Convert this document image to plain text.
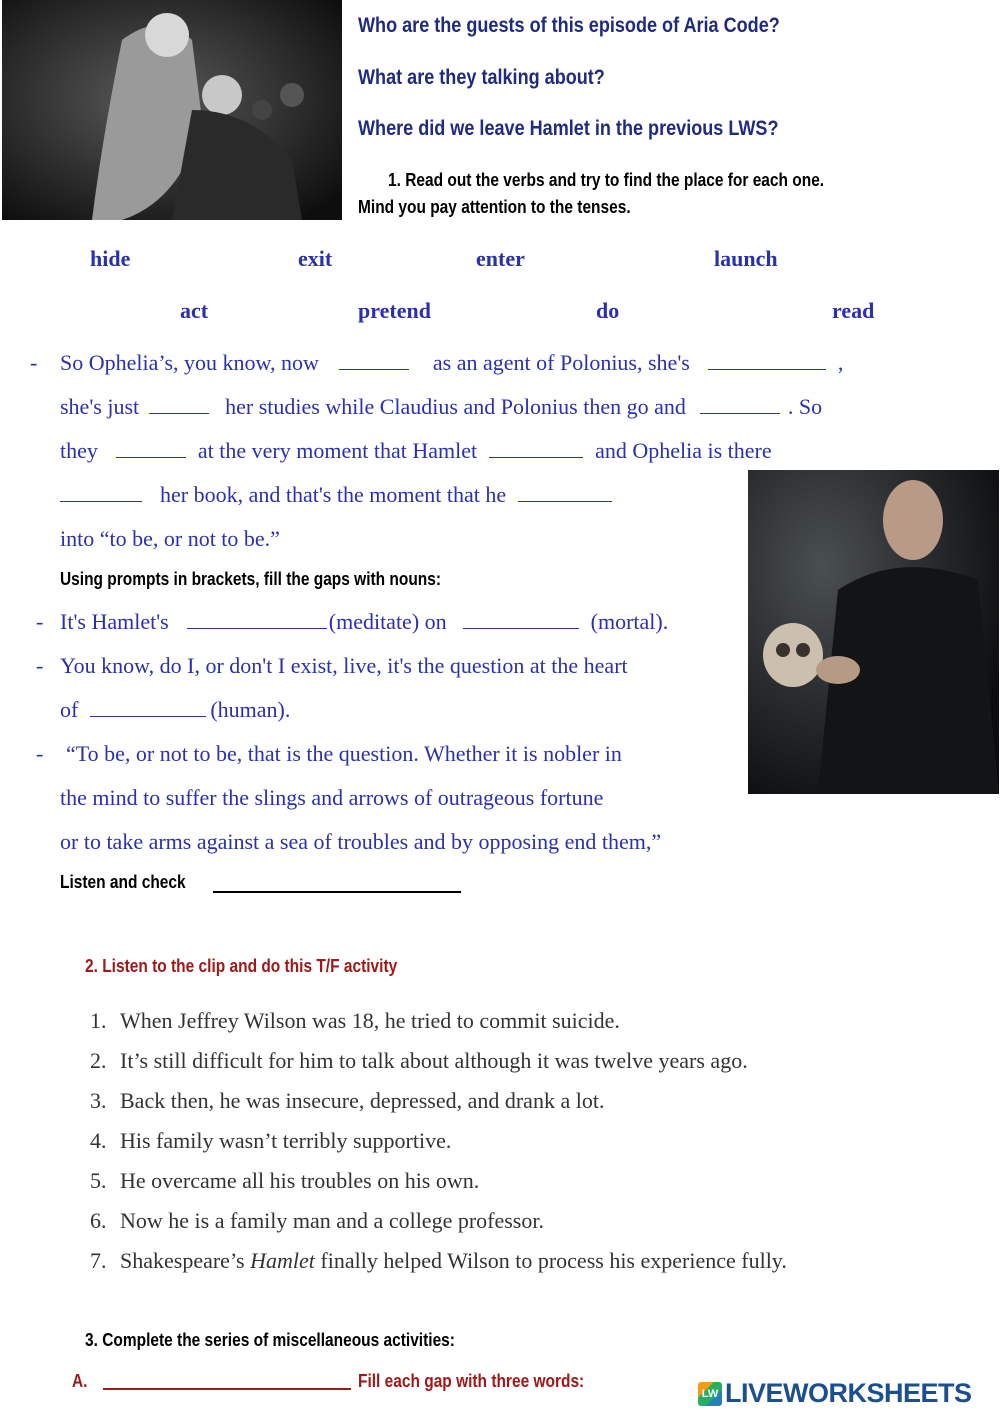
Who are the guests of this episode of Aria Code?
What are they talking about?
Where did we leave Hamlet in the previous LWS?
1. Read out the verbs and try to find the place for each one.
Mind you pay attention to the tenses.
hide	exit	enter	launch
act	pretend	do	read
- So Ophelia’s, you know, now	as an agent of Polonius, she's	,
she's just	her studies while Claudius and Polonius then go and	. So
they	at the very moment that Hamlet	and Ophelia is there
her book, and that's the moment that he
into “to be, or not to be.”
Using prompts in brackets, fill the gaps with nouns:
- It's Hamlet's	(meditate) on	(mortal).
- You know, do I, or don't I exist, live, it's the question at the heart
of	(human).
- “To be, or not to be, that is the question. Whether it is nobler in
the mind to suffer the slings and arrows of outrageous fortune
or to take arms against a sea of troubles and by opposing end them,”
Listen and check
2. Listen to the clip and do this T/F activity
1. When Jeffrey Wilson was 18, he tried to commit suicide.
2. It’s still difficult for him to talk about although it was twelve years ago.
3. Back then, he was insecure, depressed, and drank a lot.
4. His family wasn’t terribly supportive.
5. He overcame all his troubles on his own.
6. Now he is a family man and a college professor.
7. Shakespeare’s Hamlet finally helped Wilson to process his experience fully.
3. Complete the series of miscellaneous activities:
A.	Fill each gap with three words:
LW LIVEWORKSHEETS
